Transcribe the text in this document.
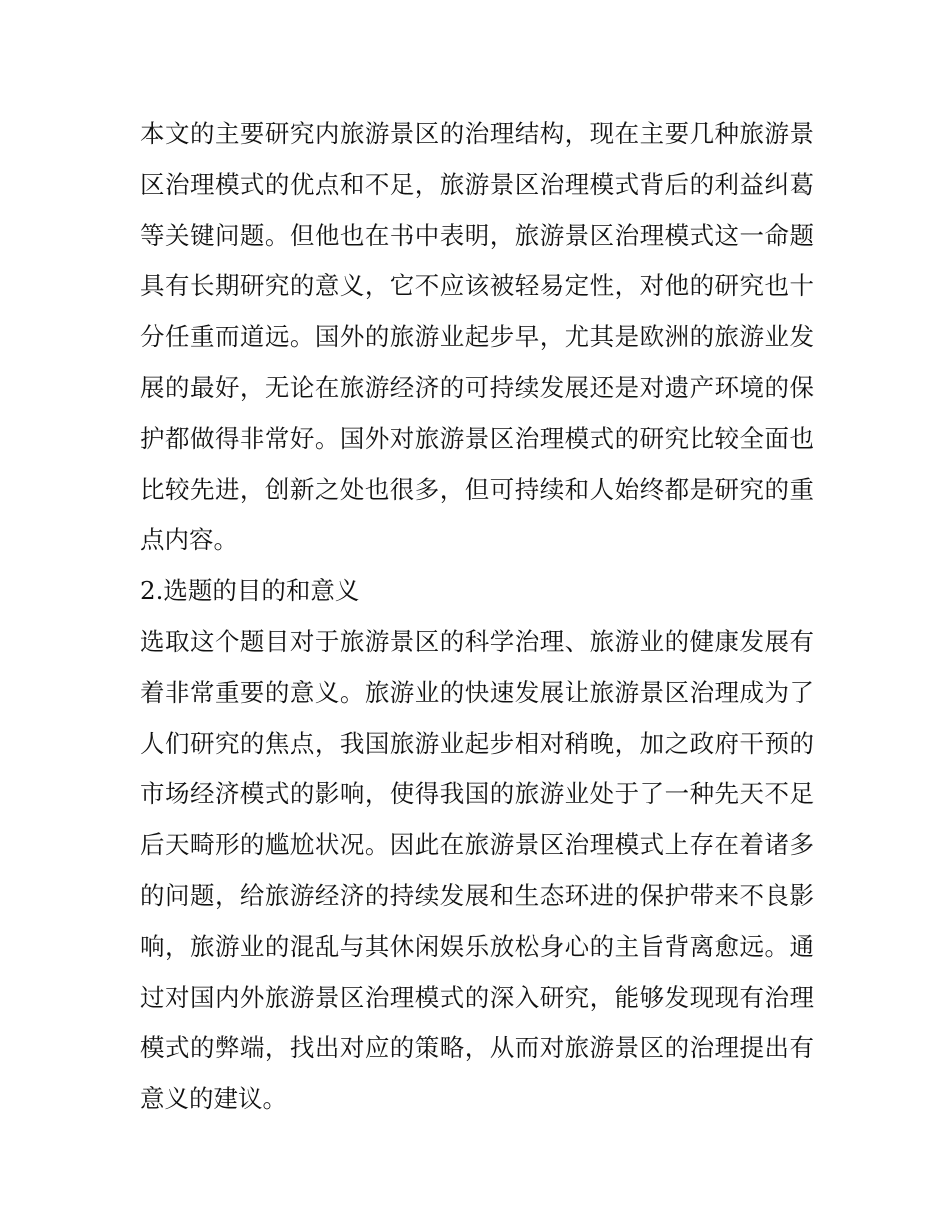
本文的主要研究内旅游景区的治理结构，现在主要几种旅游景区治理模式的优点和不足，旅游景区治理模式背后的利益纠葛等关键问题。但他也在书中表明，旅游景区治理模式这一命题具有长期研究的意义，它不应该被轻易定性，对他的研究也十分任重而道远。国外的旅游业起步早，尤其是欧洲的旅游业发展的最好，无论在旅游经济的可持续发展还是对遗产环境的保护都做得非常好。国外对旅游景区治理模式的研究比较全面也比较先进，创新之处也很多，但可持续和人始终都是研究的重点内容。

2.选题的目的和意义

选取这个题目对于旅游景区的科学治理、旅游业的健康发展有着非常重要的意义。旅游业的快速发展让旅游景区治理成为了人们研究的焦点，我国旅游业起步相对稍晚，加之政府干预的市场经济模式的影响，使得我国的旅游业处于了一种先天不足后天畸形的尴尬状况。因此在旅游景区治理模式上存在着诸多的问题，给旅游经济的持续发展和生态环进的保护带来不良影响，旅游业的混乱与其休闲娱乐放松身心的主旨背离愈远。通过对国内外旅游景区治理模式的深入研究，能够发现现有治理模式的弊端，找出对应的策略，从而对旅游景区的治理提出有意义的建议。
